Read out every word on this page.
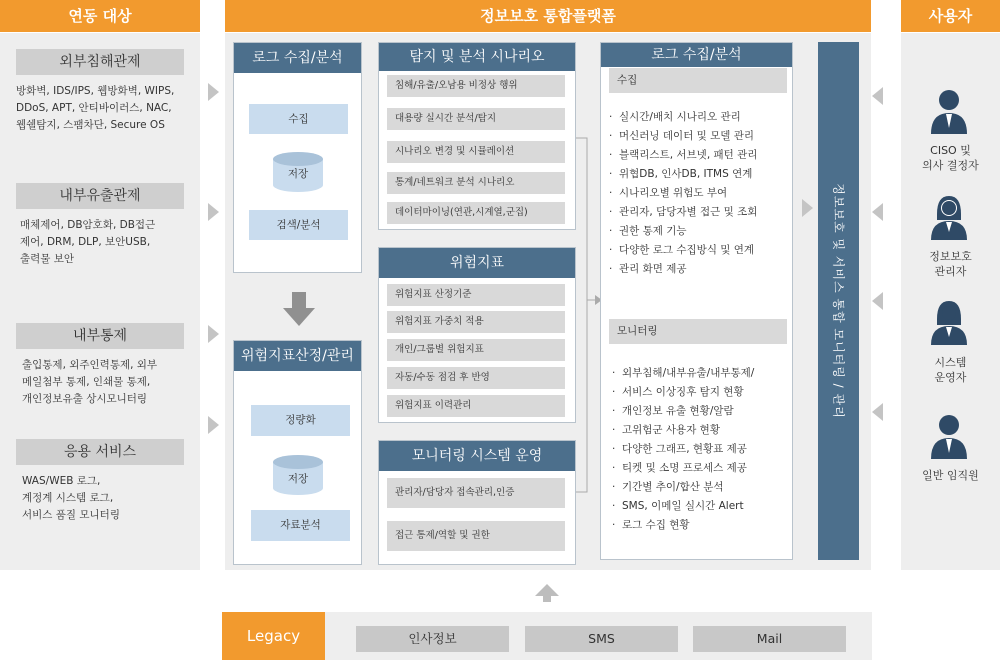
연동 대상
외부침해관제
방화벽, IDS/IPS, 웹방화벽, WIPS,
DDoS, APT, 안티바이러스, NAC,
웹쉘탐지, 스팸차단, Secure OS
내부유출관제
매체제어, DB암호화, DB접근
제어, DRM, DLP, 보안USB,
출력물 보안
내부통제
출입통제, 외주인력통제, 외부
메일첨부 통제, 인쇄물 통제,
개인정보유출 상시모니터링
응용 서비스
WAS/WEB 로그,
계정계 시스템 로그,
서비스 품질 모니터링
정보보호 통합플랫폼
로그 수집/분석
수집
저장
검색/분석
위험지표산정/관리
정량화
저장
자료분석
탐지 및 분석 시나리오
침해/유출/오남용 비정상 행위
대용량 실시간 분석/탐지
시나리오 변경 및 시뮬레이션
통계/네트워크 분석 시나리오
데이터마이닝(연관,시계열,군집)
위험지표
위험지표 산정기준
위험지표 가중치 적용
개인/그룹별 위험지표
자동/수동 점검 후 반영
위험지표 이력관리
모니터링 시스템 운영
관리자/담당자 접속관리,인증
접근 통제/역할 및 권한
로그 수집/분석
수집
· 실시간/배치 시나리오 관리
· 머신러닝 데이터 및 모델 관리
· 블랙리스트, 서브넷, 패턴 관리
· 위협DB, 인사DB, ITMS 연계
· 시나리오별 위험도 부여
· 관리자, 담당자별 접근 및 조회
· 권한 통제 기능
· 다양한 로그 수집방식 및 연계
· 관리 화면 제공
모니터링
· 외부침해/내부유출/내부통제/
· 서비스 이상징후 탐지 현황
· 개인정보 유출 현황/알람
· 고위험군 사용자 현황
· 다양한 그래프, 현황표 제공
· 티켓 및 소명 프로세스 제공
· 기간별 추이/합산 분석
· SMS, 이메일 실시간 Alert
· 로그 수집 현황
정보보호 및 서비스 통합 모니터링 / 관리
사용자
CISO 및
의사 결정자
정보보호
관리자
시스템
운영자
일반 임직원
Legacy	인사정보	SMS	Mail
